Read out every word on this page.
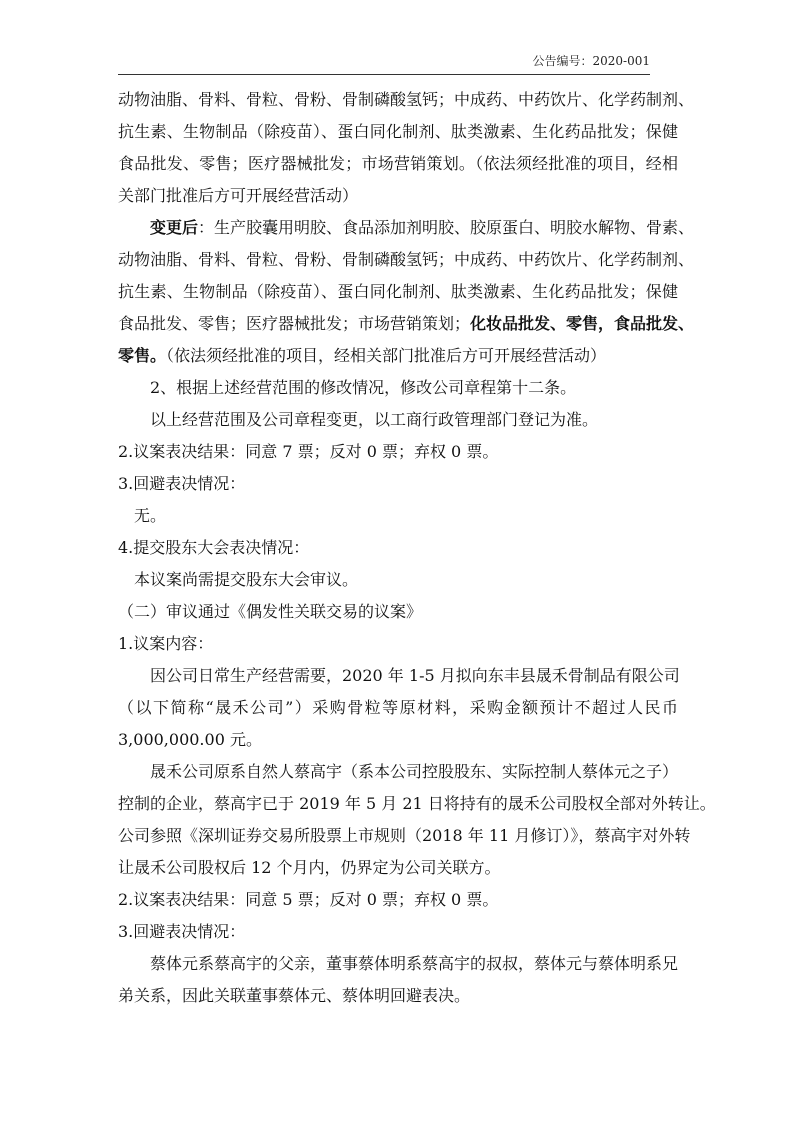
公告编号：2020-001
动物油脂、骨料、骨粒、骨粉、骨制磷酸氢钙；中成药、中药饮片、化学药制剂、
抗生素、生物制品（除疫苗）、蛋白同化制剂、肽类激素、生化药品批发；保健
食品批发、零售；医疗器械批发；市场营销策划。（依法须经批准的项目，经相
关部门批准后方可开展经营活动）
变更后：生产胶囊用明胶、食品添加剂明胶、胶原蛋白、明胶水解物、骨素、
动物油脂、骨料、骨粒、骨粉、骨制磷酸氢钙；中成药、中药饮片、化学药制剂、
抗生素、生物制品（除疫苗）、蛋白同化制剂、肽类激素、生化药品批发；保健
食品批发、零售；医疗器械批发；市场营销策划；化妆品批发、零售，食品批发、
零售。（依法须经批准的项目，经相关部门批准后方可开展经营活动）
2、根据上述经营范围的修改情况，修改公司章程第十二条。
以上经营范围及公司章程变更，以工商行政管理部门登记为准。
2.议案表决结果：同意 7 票；反对 0 票；弃权 0 票。
3.回避表决情况：
无。
4.提交股东大会表决情况：
本议案尚需提交股东大会审议。
（二）审议通过《偶发性关联交易的议案》
1.议案内容：
因公司日常生产经营需要，2020 年 1-5 月拟向东丰县晟禾骨制品有限公司
（以下简称“晟禾公司”）采购骨粒等原材料，采购金额预计不超过人民币
3,000,000.00 元。
晟禾公司原系自然人蔡高宇（系本公司控股股东、实际控制人蔡体元之子）
控制的企业，蔡高宇已于 2019 年 5 月 21 日将持有的晟禾公司股权全部对外转让。
公司参照《深圳证券交易所股票上市规则（2018 年 11 月修订）》，蔡高宇对外转
让晟禾公司股权后 12 个月内，仍界定为公司关联方。
2.议案表决结果：同意 5 票；反对 0 票；弃权 0 票。
3.回避表决情况：
蔡体元系蔡高宇的父亲，董事蔡体明系蔡高宇的叔叔，蔡体元与蔡体明系兄
弟关系，因此关联董事蔡体元、蔡体明回避表决。
